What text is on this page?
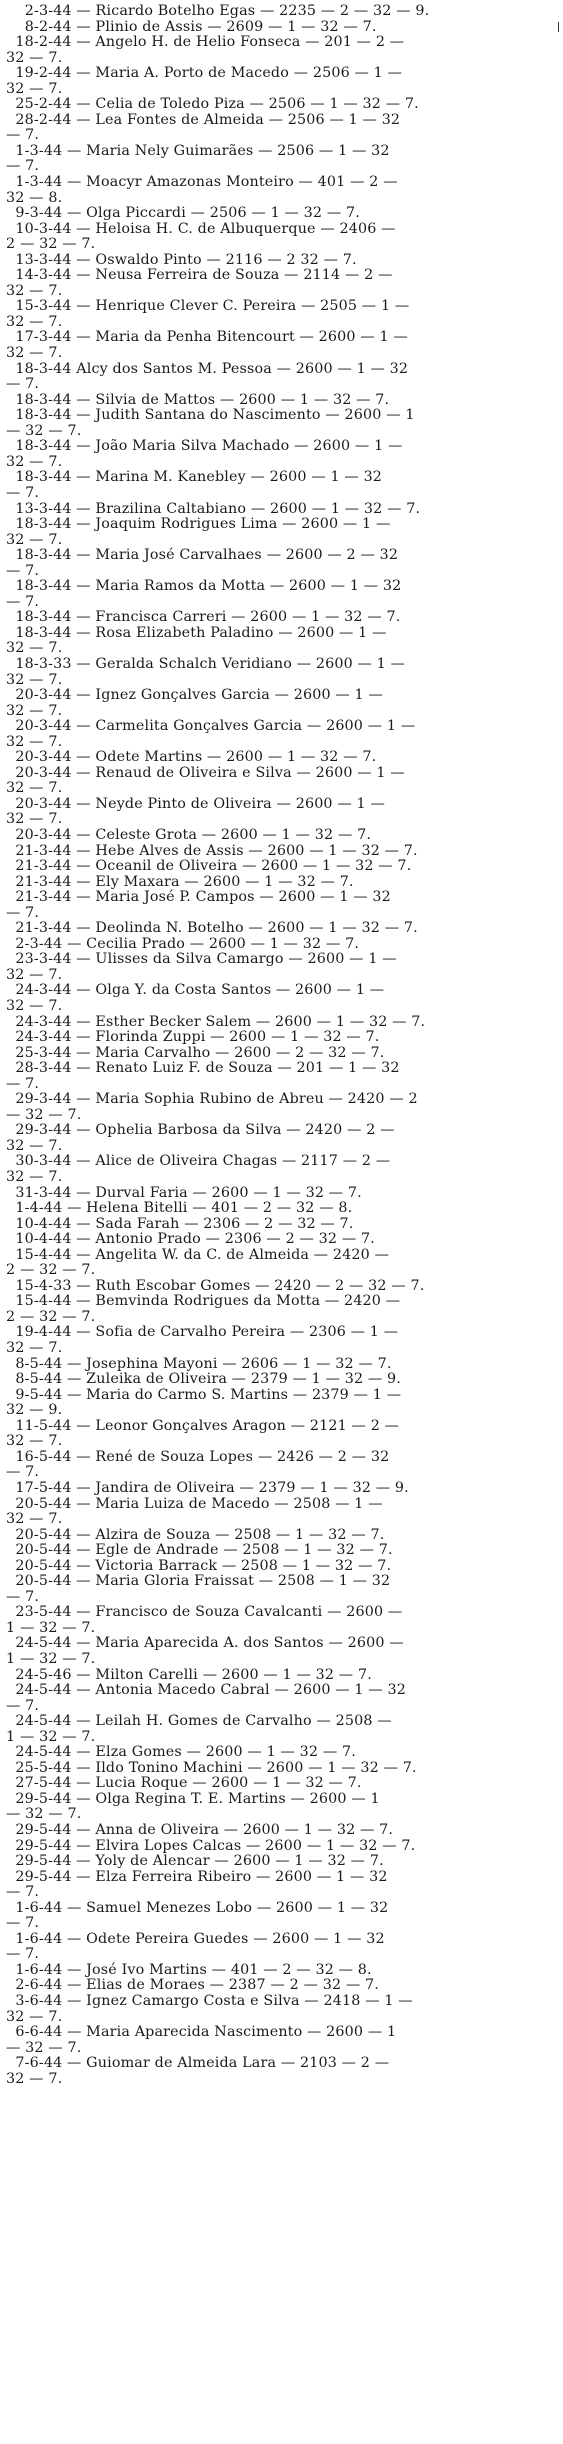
2-3-44 — Ricardo Botelho Egas — 2235 — 2 — 32 — 9.
8-2-44 — Plinio de Assis — 2609 — 1 — 32 — 7.
18-2-44 — Angelo H. de Helio Fonseca — 201 — 2 —
32 — 7.
19-2-44 — Maria A. Porto de Macedo — 2506 — 1 —
32 — 7.
25-2-44 — Celia de Toledo Piza — 2506 — 1 — 32 — 7.
28-2-44 — Lea Fontes de Almeida — 2506 — 1 — 32
— 7.
1-3-44 — Maria Nely Guimarães — 2506 — 1 — 32
— 7.
1-3-44 — Moacyr Amazonas Monteiro — 401 — 2 —
32 — 8.
9-3-44 — Olga Piccardi — 2506 — 1 — 32 — 7.
10-3-44 — Heloisa H. C. de Albuquerque — 2406 —
2 — 32 — 7.
13-3-44 — Oswaldo Pinto — 2116 — 2 32 — 7.
14-3-44 — Neusa Ferreira de Souza — 2114 — 2 —
32 — 7.
15-3-44 — Henrique Clever C. Pereira — 2505 — 1 —
32 — 7.
17-3-44 — Maria da Penha Bitencourt — 2600 — 1 —
32 — 7.
18-3-44 Alcy dos Santos M. Pessoa — 2600 — 1 — 32
— 7.
18-3-44 — Silvia de Mattos — 2600 — 1 — 32 — 7.
18-3-44 — Judith Santana do Nascimento — 2600 — 1
— 32 — 7.
18-3-44 — João Maria Silva Machado — 2600 — 1 —
32 — 7.
18-3-44 — Marina M. Kanebley — 2600 — 1 — 32
— 7.
13-3-44 — Brazilina Caltabiano — 2600 — 1 — 32 — 7.
18-3-44 — Joaquim Rodrigues Lima — 2600 — 1 —
32 — 7.
18-3-44 — Maria José Carvalhaes — 2600 — 2 — 32
— 7.
18-3-44 — Maria Ramos da Motta — 2600 — 1 — 32
— 7.
18-3-44 — Francisca Carreri — 2600 — 1 — 32 — 7.
18-3-44 — Rosa Elizabeth Paladino — 2600 — 1 —
32 — 7.
18-3-33 — Geralda Schalch Veridiano — 2600 — 1 —
32 — 7.
20-3-44 — Ignez Gonçalves Garcia — 2600 — 1 —
32 — 7.
20-3-44 — Carmelita Gonçalves Garcia — 2600 — 1 —
32 — 7.
20-3-44 — Odete Martins — 2600 — 1 — 32 — 7.
20-3-44 — Renaud de Oliveira e Silva — 2600 — 1 —
32 — 7.
20-3-44 — Neyde Pinto de Oliveira — 2600 — 1 —
32 — 7.
20-3-44 — Celeste Grota — 2600 — 1 — 32 — 7.
21-3-44 — Hebe Alves de Assis — 2600 — 1 — 32 — 7.
21-3-44 — Oceanil de Oliveira — 2600 — 1 — 32 — 7.
21-3-44 — Ely Maxara — 2600 — 1 — 32 — 7.
21-3-44 — Maria José P. Campos — 2600 — 1 — 32
— 7.
21-3-44 — Deolinda N. Botelho — 2600 — 1 — 32 — 7.
2-3-44 — Cecilia Prado — 2600 — 1 — 32 — 7.
23-3-44 — Ulisses da Silva Camargo — 2600 — 1 —
32 — 7.
24-3-44 — Olga Y. da Costa Santos — 2600 — 1 —
32 — 7.
24-3-44 — Esther Becker Salem — 2600 — 1 — 32 — 7.
24-3-44 — Florinda Zuppi — 2600 — 1 — 32 — 7.
25-3-44 — Maria Carvalho — 2600 — 2 — 32 — 7.
28-3-44 — Renato Luiz F. de Souza — 201 — 1 — 32
— 7.
29-3-44 — Maria Sophia Rubino de Abreu — 2420 — 2
— 32 — 7.
29-3-44 — Ophelia Barbosa da Silva — 2420 — 2 —
32 — 7.
30-3-44 — Alice de Oliveira Chagas — 2117 — 2 —
32 — 7.
31-3-44 — Durval Faria — 2600 — 1 — 32 — 7.
1-4-44 — Helena Bitelli — 401 — 2 — 32 — 8.
10-4-44 — Sada Farah — 2306 — 2 — 32 — 7.
10-4-44 — Antonio Prado — 2306 — 2 — 32 — 7.
15-4-44 — Angelita W. da C. de Almeida — 2420 —
2 — 32 — 7.
15-4-33 — Ruth Escobar Gomes — 2420 — 2 — 32 — 7.
15-4-44 — Bemvinda Rodrigues da Motta — 2420 —
2 — 32 — 7.
19-4-44 — Sofia de Carvalho Pereira — 2306 — 1 —
32 — 7.
8-5-44 — Josephina Mayoni — 2606 — 1 — 32 — 7.
8-5-44 — Zuleika de Oliveira — 2379 — 1 — 32 — 9.
9-5-44 — Maria do Carmo S. Martins — 2379 — 1 —
32 — 9.
11-5-44 — Leonor Gonçalves Aragon — 2121 — 2 —
32 — 7.
16-5-44 — René de Souza Lopes — 2426 — 2 — 32
— 7.
17-5-44 — Jandira de Oliveira — 2379 — 1 — 32 — 9.
20-5-44 — Maria Luiza de Macedo — 2508 — 1 —
32 — 7.
20-5-44 — Alzira de Souza — 2508 — 1 — 32 — 7.
20-5-44 — Egle de Andrade — 2508 — 1 — 32 — 7.
20-5-44 — Victoria Barrack — 2508 — 1 — 32 — 7.
20-5-44 — Maria Gloria Fraissat — 2508 — 1 — 32
— 7.
23-5-44 — Francisco de Souza Cavalcanti — 2600 —
1 — 32 — 7.
24-5-44 — Maria Aparecida A. dos Santos — 2600 —
1 — 32 — 7.
24-5-46 — Milton Carelli — 2600 — 1 — 32 — 7.
24-5-44 — Antonia Macedo Cabral — 2600 — 1 — 32
— 7.
24-5-44 — Leilah H. Gomes de Carvalho — 2508 —
1 — 32 — 7.
24-5-44 — Elza Gomes — 2600 — 1 — 32 — 7.
25-5-44 — Ildo Tonino Machini — 2600 — 1 — 32 — 7.
27-5-44 — Lucia Roque — 2600 — 1 — 32 — 7.
29-5-44 — Olga Regina T. E. Martins — 2600 — 1
— 32 — 7.
29-5-44 — Anna de Oliveira — 2600 — 1 — 32 — 7.
29-5-44 — Elvira Lopes Calcas — 2600 — 1 — 32 — 7.
29-5-44 — Yoly de Alencar — 2600 — 1 — 32 — 7.
29-5-44 — Elza Ferreira Ribeiro — 2600 — 1 — 32
— 7.
1-6-44 — Samuel Menezes Lobo — 2600 — 1 — 32
— 7.
1-6-44 — Odete Pereira Guedes — 2600 — 1 — 32
— 7.
1-6-44 — José Ivo Martins — 401 — 2 — 32 — 8.
2-6-44 — Elias de Moraes — 2387 — 2 — 32 — 7.
3-6-44 — Ignez Camargo Costa e Silva — 2418 — 1 —
32 — 7.
6-6-44 — Maria Aparecida Nascimento — 2600 — 1
— 32 — 7.
7-6-44 — Guiomar de Almeida Lara — 2103 — 2 —
32 — 7.
